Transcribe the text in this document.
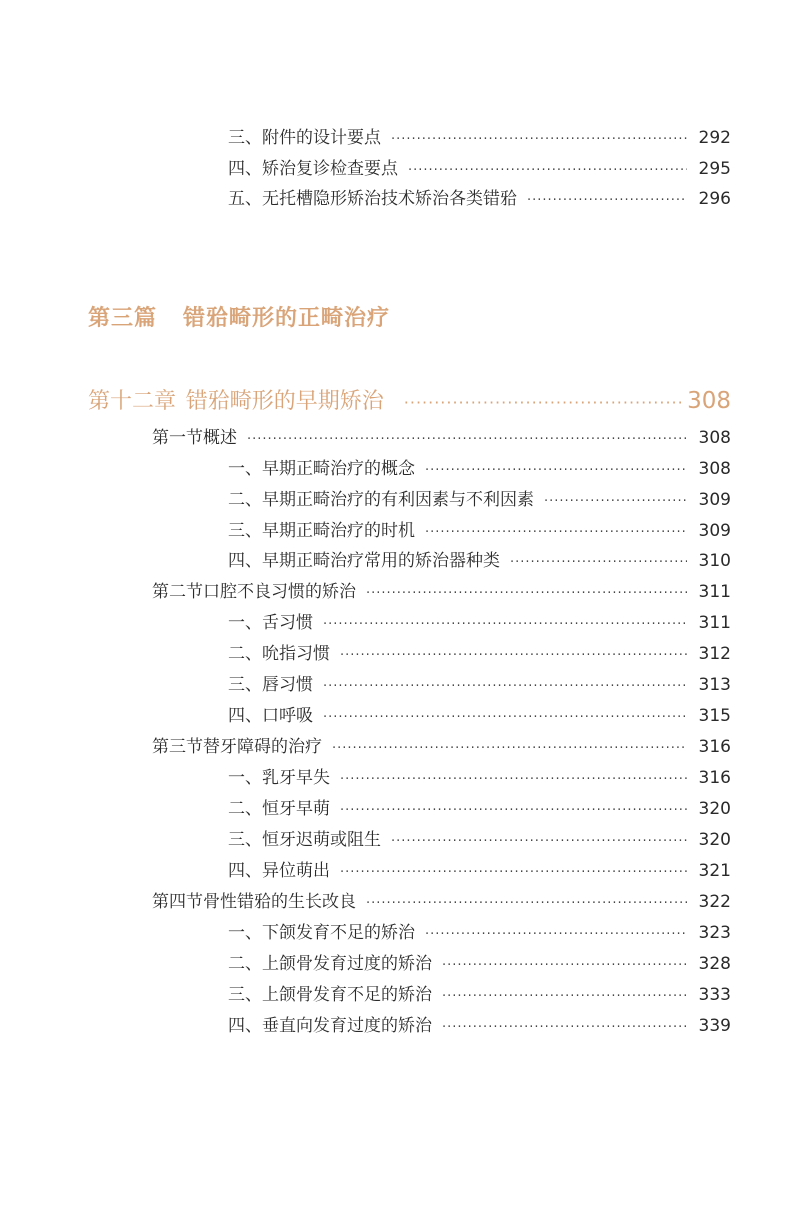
三、附件的设计要点 ·····	292
四、矫治复诊检查要点 ·····	295
五、无托槽隐形矫治技术矫治各类错𬌗 ·····	296
第三篇 错𬌗畸形的正畸治疗
第十二章 错𬌗畸形的早期矫治 ·····	308
第一节 概述 ·····	308
一、早期正畸治疗的概念 ·····	308
二、早期正畸治疗的有利因素与不利因素 ·····	309
三、早期正畸治疗的时机 ·····	309
四、早期正畸治疗常用的矫治器种类 ·····	310
第二节 口腔不良习惯的矫治 ·····	311
一、舌习惯 ·····	311
二、吮指习惯 ·····	312
三、唇习惯 ·····	313
四、口呼吸 ·····	315
第三节 替牙障碍的治疗 ·····	316
一、乳牙早失 ·····	316
二、恒牙早萌 ·····	320
三、恒牙迟萌或阻生 ·····	320
四、异位萌出 ·····	321
第四节 骨性错𬌗的生长改良 ·····	322
一、下颌发育不足的矫治 ·····	323
二、上颌骨发育过度的矫治 ·····	328
三、上颌骨发育不足的矫治 ·····	333
四、垂直向发育过度的矫治 ·····	339
